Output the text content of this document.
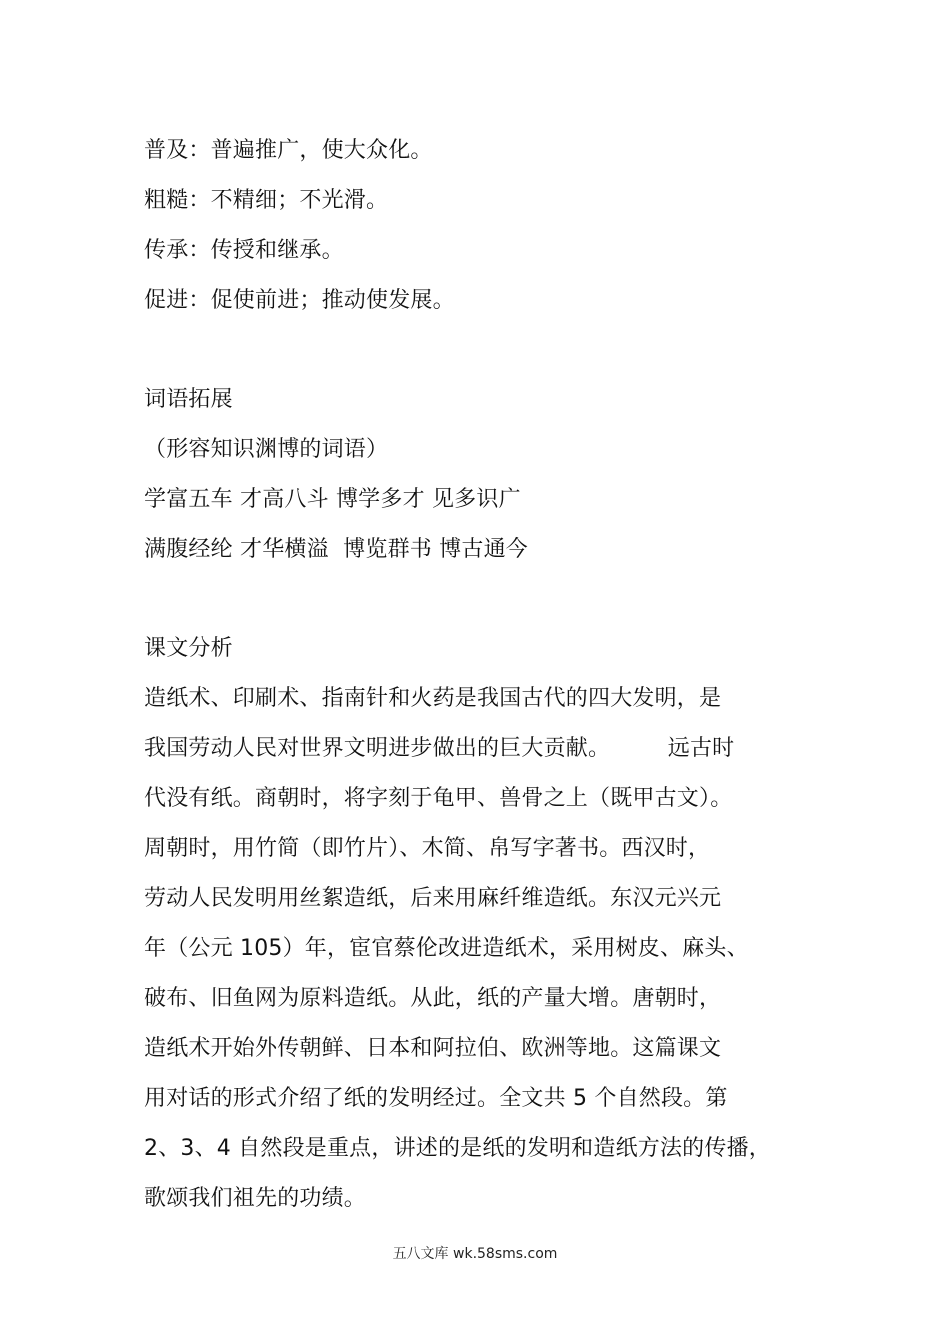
普及：普遍推广，使大众化。
粗糙：不精细；不光滑。
传承：传授和继承。
促进：促使前进；推动使发展。
词语拓展
（形容知识渊博的词语）
学富五车 才高八斗 博学多才 见多识广
满腹经纶 才华横溢  博览群书 博古通今
课文分析
造纸术、印刷术、指南针和火药是我国古代的四大发明，是
我国劳动人民对世界文明进步做出的巨大贡献。        远古时
代没有纸。商朝时，将字刻于龟甲、兽骨之上（既甲古文）。
周朝时，用竹简（即竹片）、木简、帛写字著书。西汉时，
劳动人民发明用丝絮造纸，后来用麻纤维造纸。东汉元兴元
年（公元 105）年，宦官蔡伦改进造纸术，采用树皮、麻头、
破布、旧鱼网为原料造纸。从此，纸的产量大增。唐朝时，
造纸术开始外传朝鲜、日本和阿拉伯、欧洲等地。这篇课文
用对话的形式介绍了纸的发明经过。全文共 5 个自然段。第
2、3、4 自然段是重点，讲述的是纸的发明和造纸方法的传播，
歌颂我们祖先的功绩。
五八文库 wk.58sms.com
